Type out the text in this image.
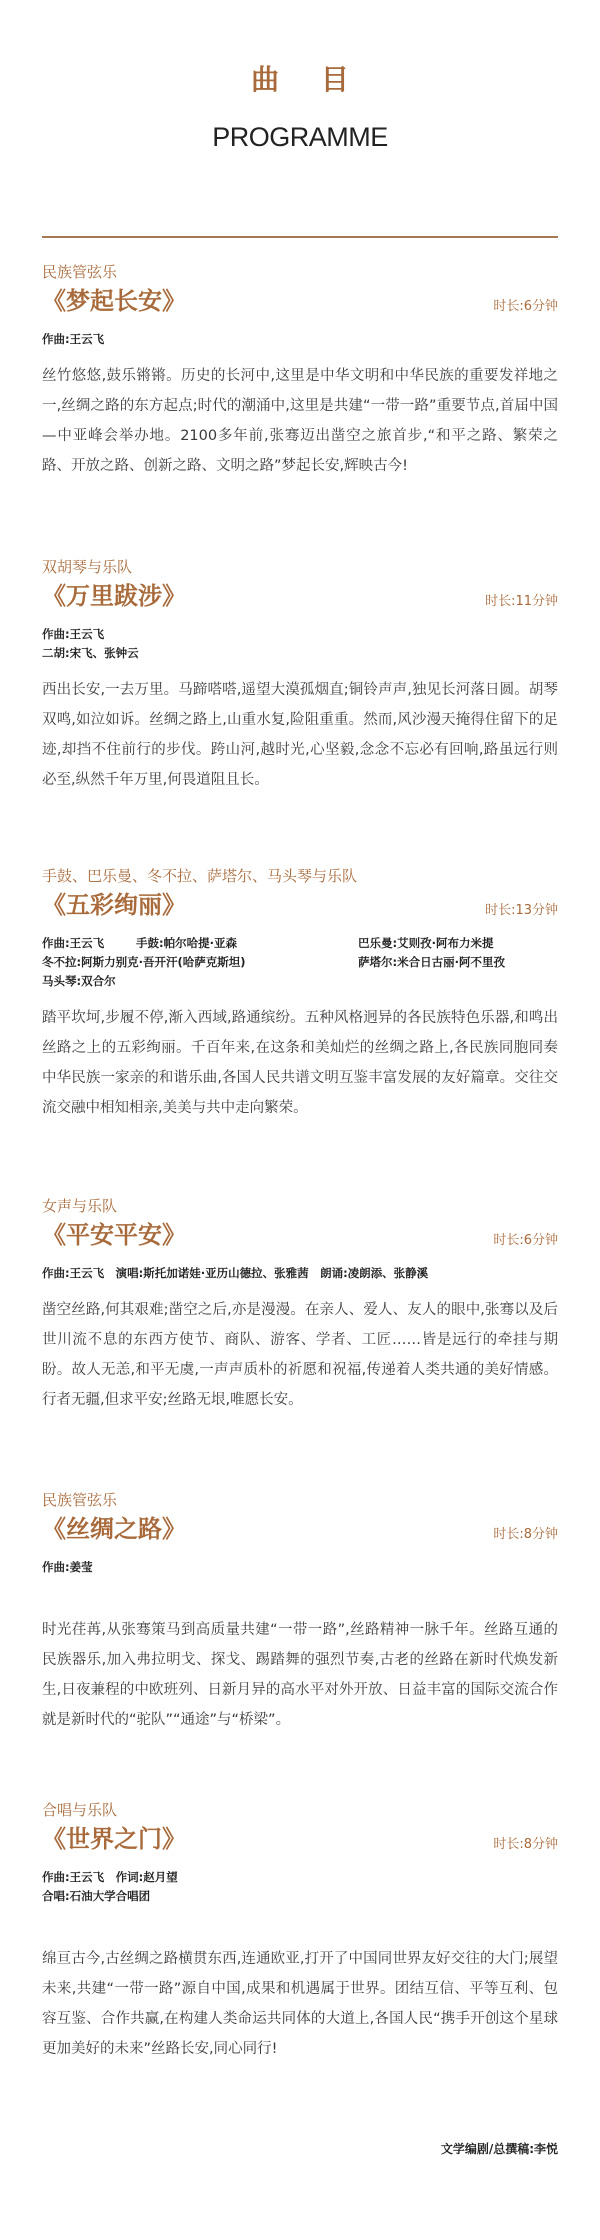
曲 目
PROGRAMME
民族管弦乐
《梦起长安》	时长:6分钟
作曲:王云飞
丝竹悠悠,鼓乐锵锵。历史的长河中,这里是中华文明和中华民族的重要发祥地之一,丝绸之路的东方起点;时代的潮涌中,这里是共建“一带一路”重要节点,首届中国—中亚峰会举办地。2100多年前,张骞迈出凿空之旅首步,“和平之路、繁荣之路、开放之路、创新之路、文明之路”梦起长安,辉映古今!
双胡琴与乐队
《万里跋涉》	时长:11分钟
作曲:王云飞
二胡:宋飞、张钟云
西出长安,一去万里。马蹄嗒嗒,遥望大漠孤烟直;铜铃声声,独见长河落日圆。胡琴双鸣,如泣如诉。丝绸之路上,山重水复,险阻重重。然而,风沙漫天掩得住留下的足迹,却挡不住前行的步伐。跨山河,越时光,心坚毅,念念不忘必有回响,路虽远行则必至,纵然千年万里,何畏道阻且长。
手鼓、巴乐曼、冬不拉、萨塔尔、马头琴与乐队
《五彩绚丽》	时长:13分钟
作曲:王云飞	手鼓:帕尔哈提·亚森	巴乐曼:艾则孜·阿布力米提
冬不拉:阿斯力别克·吾开汗(哈萨克斯坦)	萨塔尔:米合日古丽·阿不里孜
马头琴:双合尔
踏平坎坷,步履不停,渐入西域,路通缤纷。五种风格迥异的各民族特色乐器,和鸣出丝路之上的五彩绚丽。千百年来,在这条和美灿烂的丝绸之路上,各民族同胞同奏中华民族一家亲的和谐乐曲,各国人民共谱文明互鉴丰富发展的友好篇章。交往交流交融中相知相亲,美美与共中走向繁荣。
女声与乐队
《平安平安》	时长:6分钟
作曲:王云飞　演唱:斯托加诺娃·亚历山德拉、张雅茜　朗诵:凌朗添、张静溪
凿空丝路,何其艰难;凿空之后,亦是漫漫。在亲人、爱人、友人的眼中,张骞以及后世川流不息的东西方使节、商队、游客、学者、工匠……皆是远行的牵挂与期盼。故人无恙,和平无虞,一声声质朴的祈愿和祝福,传递着人类共通的美好情感。行者无疆,但求平安;丝路无垠,唯愿长安。
民族管弦乐
《丝绸之路》	时长:8分钟
作曲:姜莹
时光荏苒,从张骞策马到高质量共建“一带一路”,丝路精神一脉千年。丝路互通的民族器乐,加入弗拉明戈、探戈、踢踏舞的强烈节奏,古老的丝路在新时代焕发新生,日夜兼程的中欧班列、日新月异的高水平对外开放、日益丰富的国际交流合作就是新时代的“驼队”“通途”与“桥梁”。
合唱与乐队
《世界之门》	时长:8分钟
作曲:王云飞　作词:赵月望
合唱:石油大学合唱团
绵亘古今,古丝绸之路横贯东西,连通欧亚,打开了中国同世界友好交往的大门;展望未来,共建“一带一路”源自中国,成果和机遇属于世界。团结互信、平等互利、包容互鉴、合作共赢,在构建人类命运共同体的大道上,各国人民“携手开创这个星球更加美好的未来”丝路长安,同心同行!
文学编剧/总撰稿:李悦
